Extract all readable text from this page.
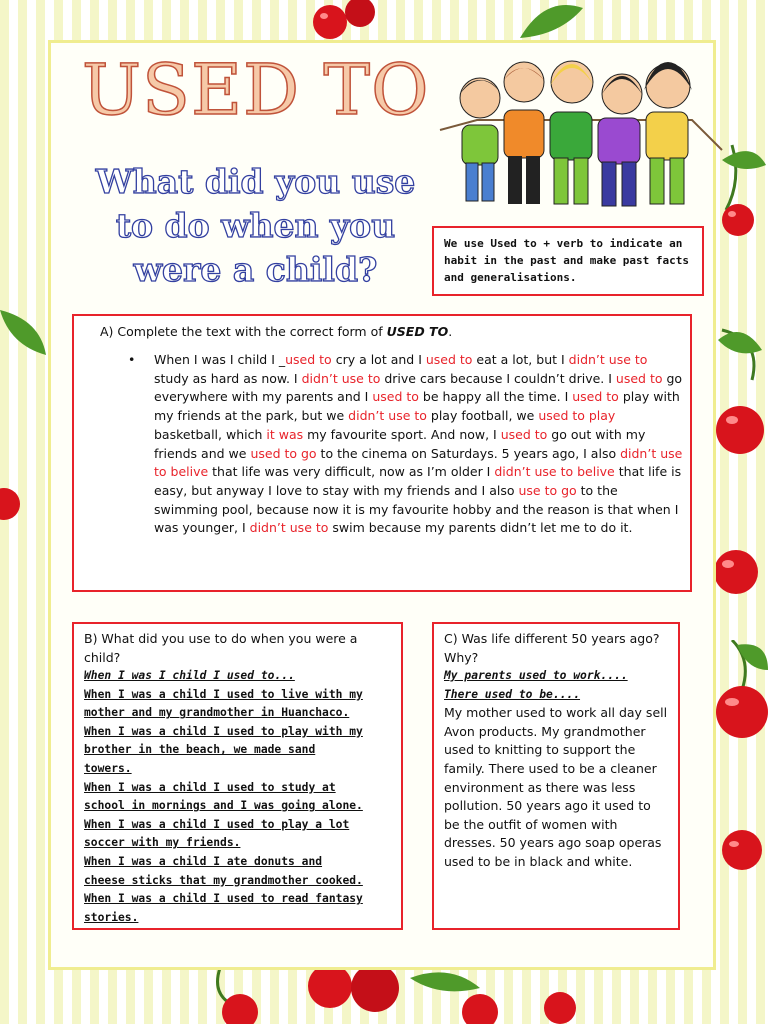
USED TO
What did you use to do when you were a child?
We use Used to + verb to indicate an habit in the past and make past facts and generalisations.

A) Complete the text with the correct form of USED TO.

• When I was I child I _used to cry a lot and I used to eat a lot, but I didn’t use to study as hard as now. I didn’t use to drive cars because I couldn’t drive. I used to go everywhere with my parents and I used to be happy all the time. I used to play with my friends at the park, but we didn’t use to play football, we used to play basketball, which it was my favourite sport. And now, I used to go out with my friends and we used to go to the cinema on Saturdays. 5 years ago, I also didn’t use to belive that life was very difficult, now as I’m older I didn’t use to belive that life is easy, but anyway I love to stay with my friends and I also use to go to the swimming pool, because now it is my favourite hobby and the reason is that when I was younger, I didn’t use to swim because my parents didn’t let me to do it.

B) What did you use to do when you were a child?

When I was I child I used to...
When I was a child I used to live with my
mother and my grandmother in Huanchaco.
When I was a child I used to play with my
brother in the beach, we made sand
towers.
When I was a child I used to study at
school in mornings and I was going alone.
When I was a child I used to play a lot
soccer with my friends.
When I was a child I ate donuts and
cheese sticks that my grandmother cooked.
When I was a child I used to read fantasy
stories.

C) Was life different 50 years ago? Why?

My parents used to work....
There used to be....

My mother used to work all day sell Avon products. My grandmother used to knitting to support the family. There used to be a cleaner environment as there was less pollution. 50 years ago it used to be the outfit of women with dresses. 50 years ago soap operas used to be in black and white.
